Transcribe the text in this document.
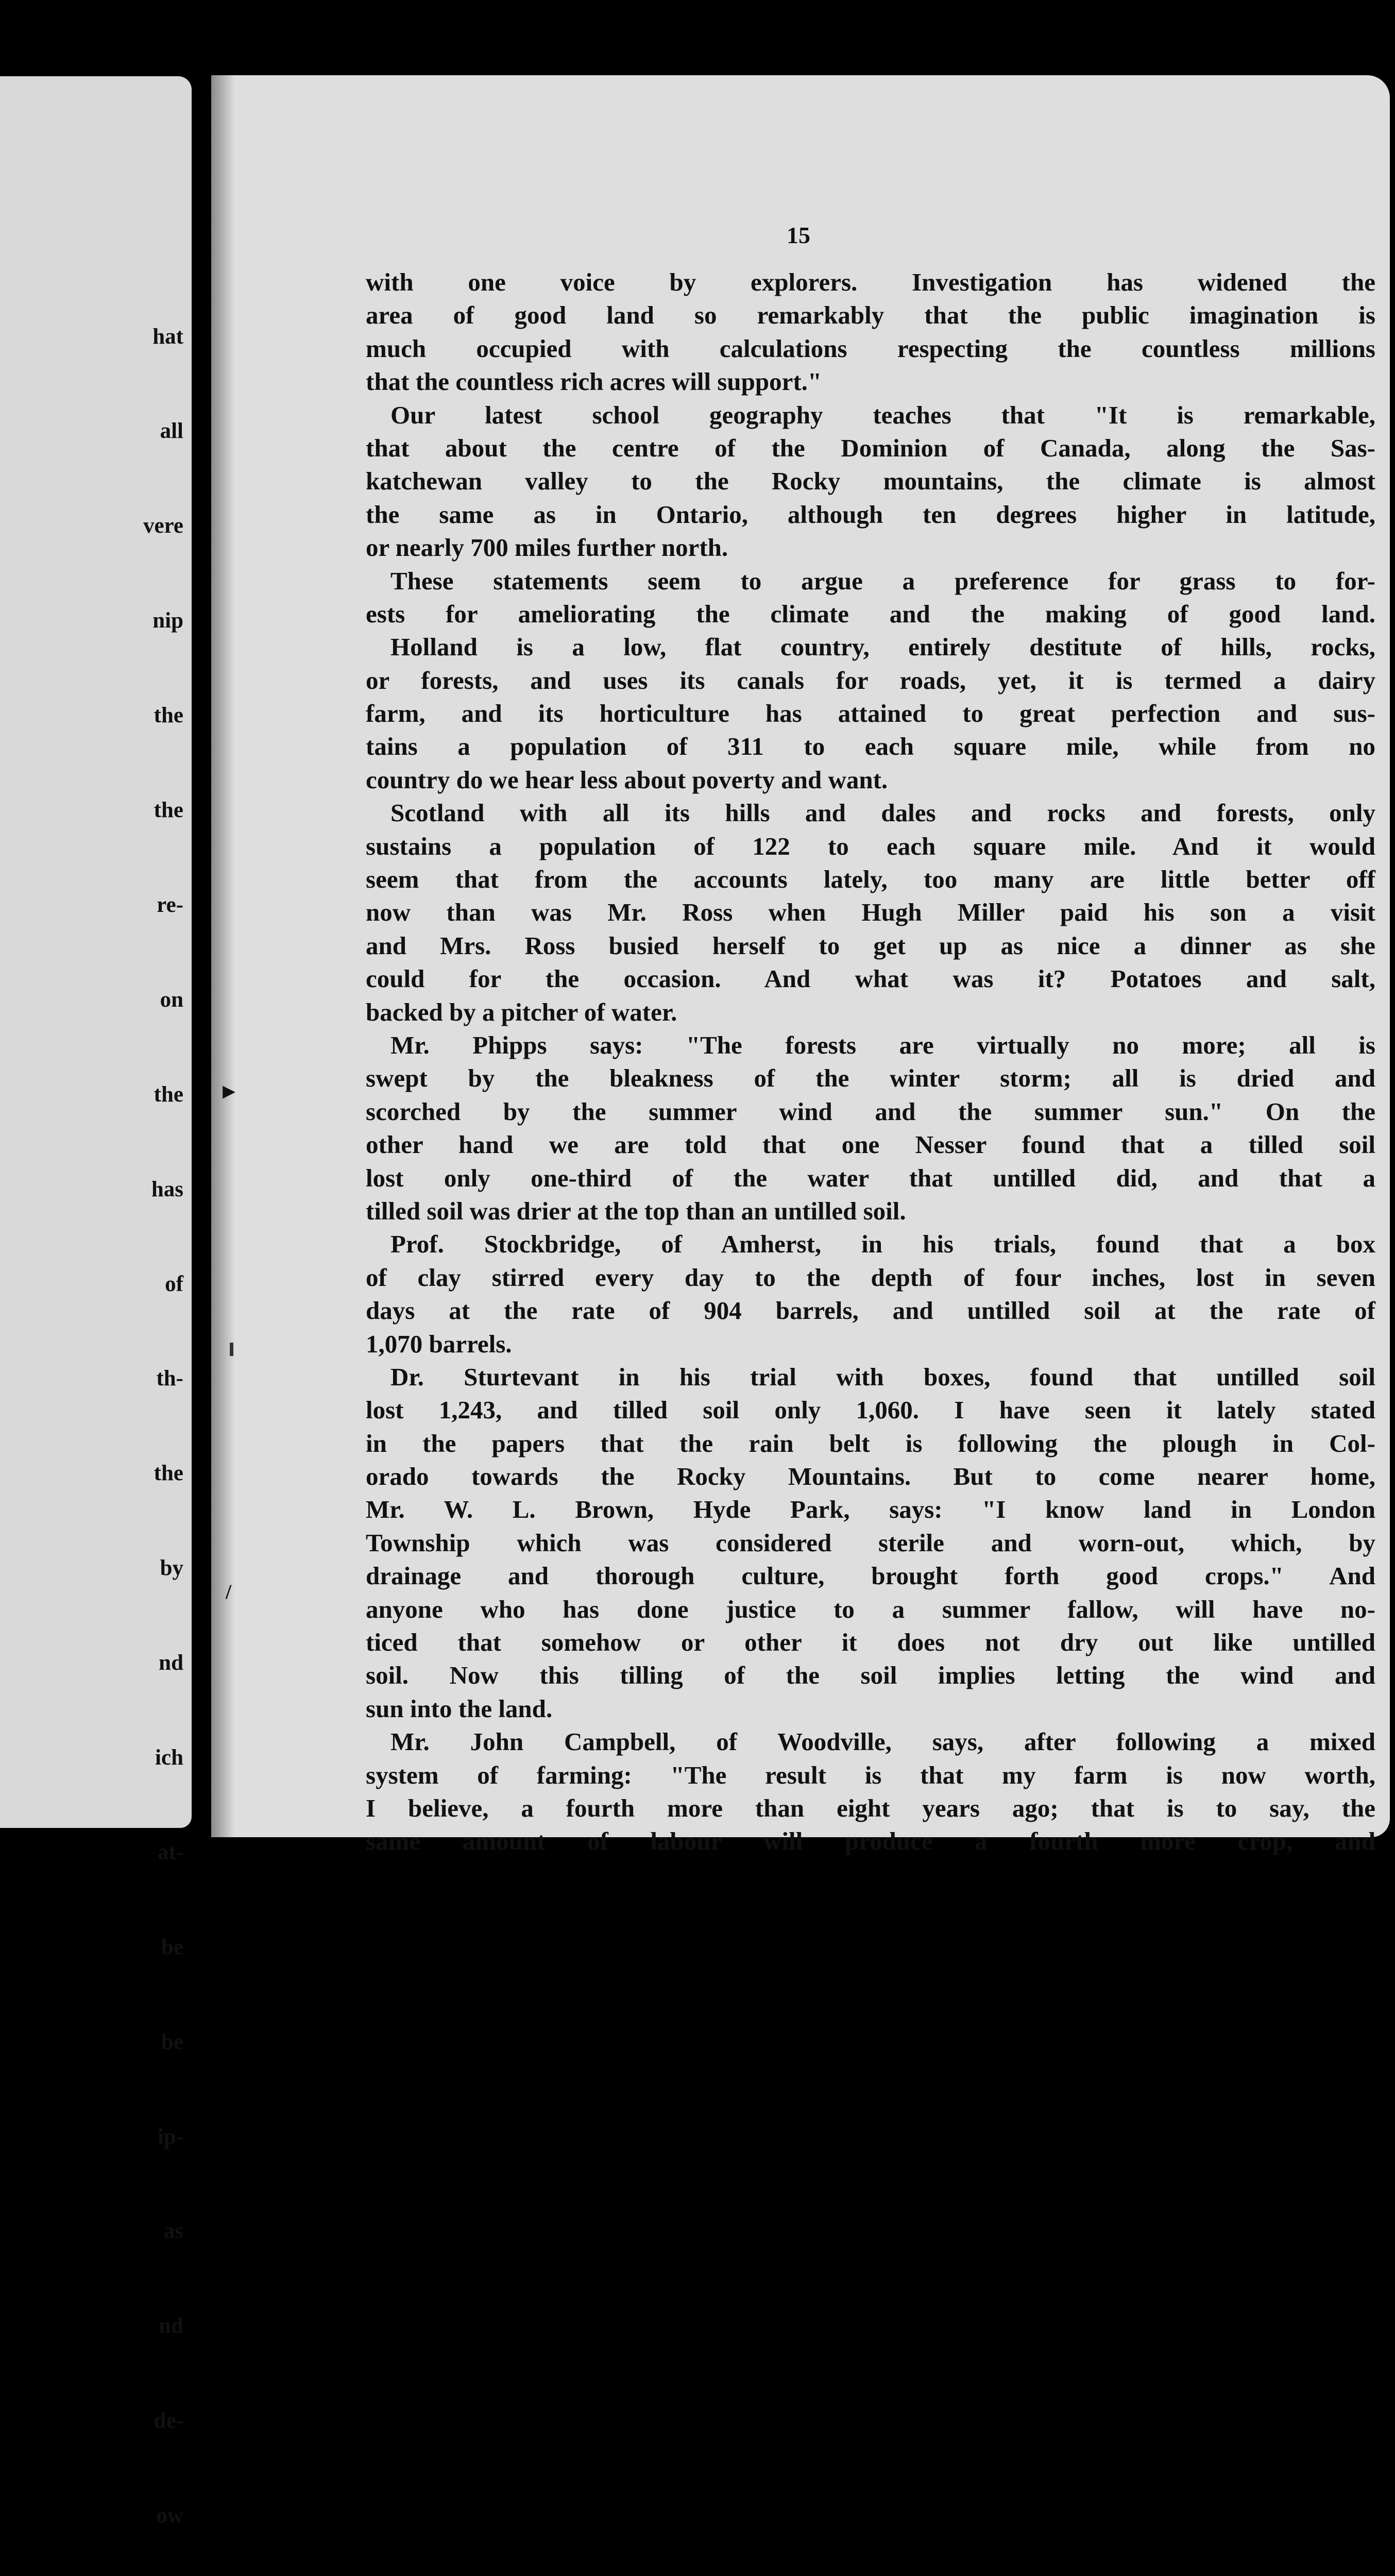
hat

all

vere

nip

the

the

re-

on

the

has

of

th-

the

by

nd

ich

at-

be

be

ip-

as

nd

de-

ow

▸
/
15
with one voice by explorers. Investigation has widened the
area of good land so remarkably that the public imagination is
much occupied with calculations respecting the countless millions
that the countless rich acres will support."
Our latest school geography teaches that "It is remarkable,
that about the centre of the Dominion of Canada, along the Sas-
katchewan valley to the Rocky mountains, the climate is almost
the same as in Ontario, although ten degrees higher in latitude,
or nearly 700 miles further north.
These statements seem to argue a preference for grass to for-
ests for ameliorating the climate and the making of good land.
Holland is a low, flat country, entirely destitute of hills, rocks,
or forests, and uses its canals for roads, yet, it is termed a dairy
farm, and its horticulture has attained to great perfection and sus-
tains a population of 311 to each square mile, while from no
country do we hear less about poverty and want.
Scotland with all its hills and dales and rocks and forests, only
sustains a population of 122 to each square mile. And it would
seem that from the accounts lately, too many are little better off
now than was Mr. Ross when Hugh Miller paid his son a visit
and Mrs. Ross busied herself to get up as nice a dinner as she
could for the occasion. And what was it? Potatoes and salt,
backed by a pitcher of water.
Mr. Phipps says: "The forests are virtually no more; all is
swept by the bleakness of the winter storm; all is dried and
scorched by the summer wind and the summer sun." On the
other hand we are told that one Nesser found that a tilled soil
lost only one-third of the water that untilled did, and that a
tilled soil was drier at the top than an untilled soil.
Prof. Stockbridge, of Amherst, in his trials, found that a box
of clay stirred every day to the depth of four inches, lost in seven
days at the rate of 904 barrels, and untilled soil at the rate of
1,070 barrels.
Dr. Sturtevant in his trial with boxes, found that untilled soil
lost 1,243, and tilled soil only 1,060. I have seen it lately stated
in the papers that the rain belt is following the plough in Col-
orado towards the Rocky Mountains. But to come nearer home,
Mr. W. L. Brown, Hyde Park, says: "I know land in London
Township which was considered sterile and worn-out, which, by
drainage and thorough culture, brought forth good crops." And
anyone who has done justice to a summer fallow, will have no-
ticed that somehow or other it does not dry out like untilled
soil. Now this tilling of the soil implies letting the wind and
sun into the land.
Mr. John Campbell, of Woodville, says, after following a mixed
system of farming: "The result is that my farm is now worth,
I believe, a fourth more than eight years ago; that is to say, the
same amount of labour will produce a fourth more crop, and
